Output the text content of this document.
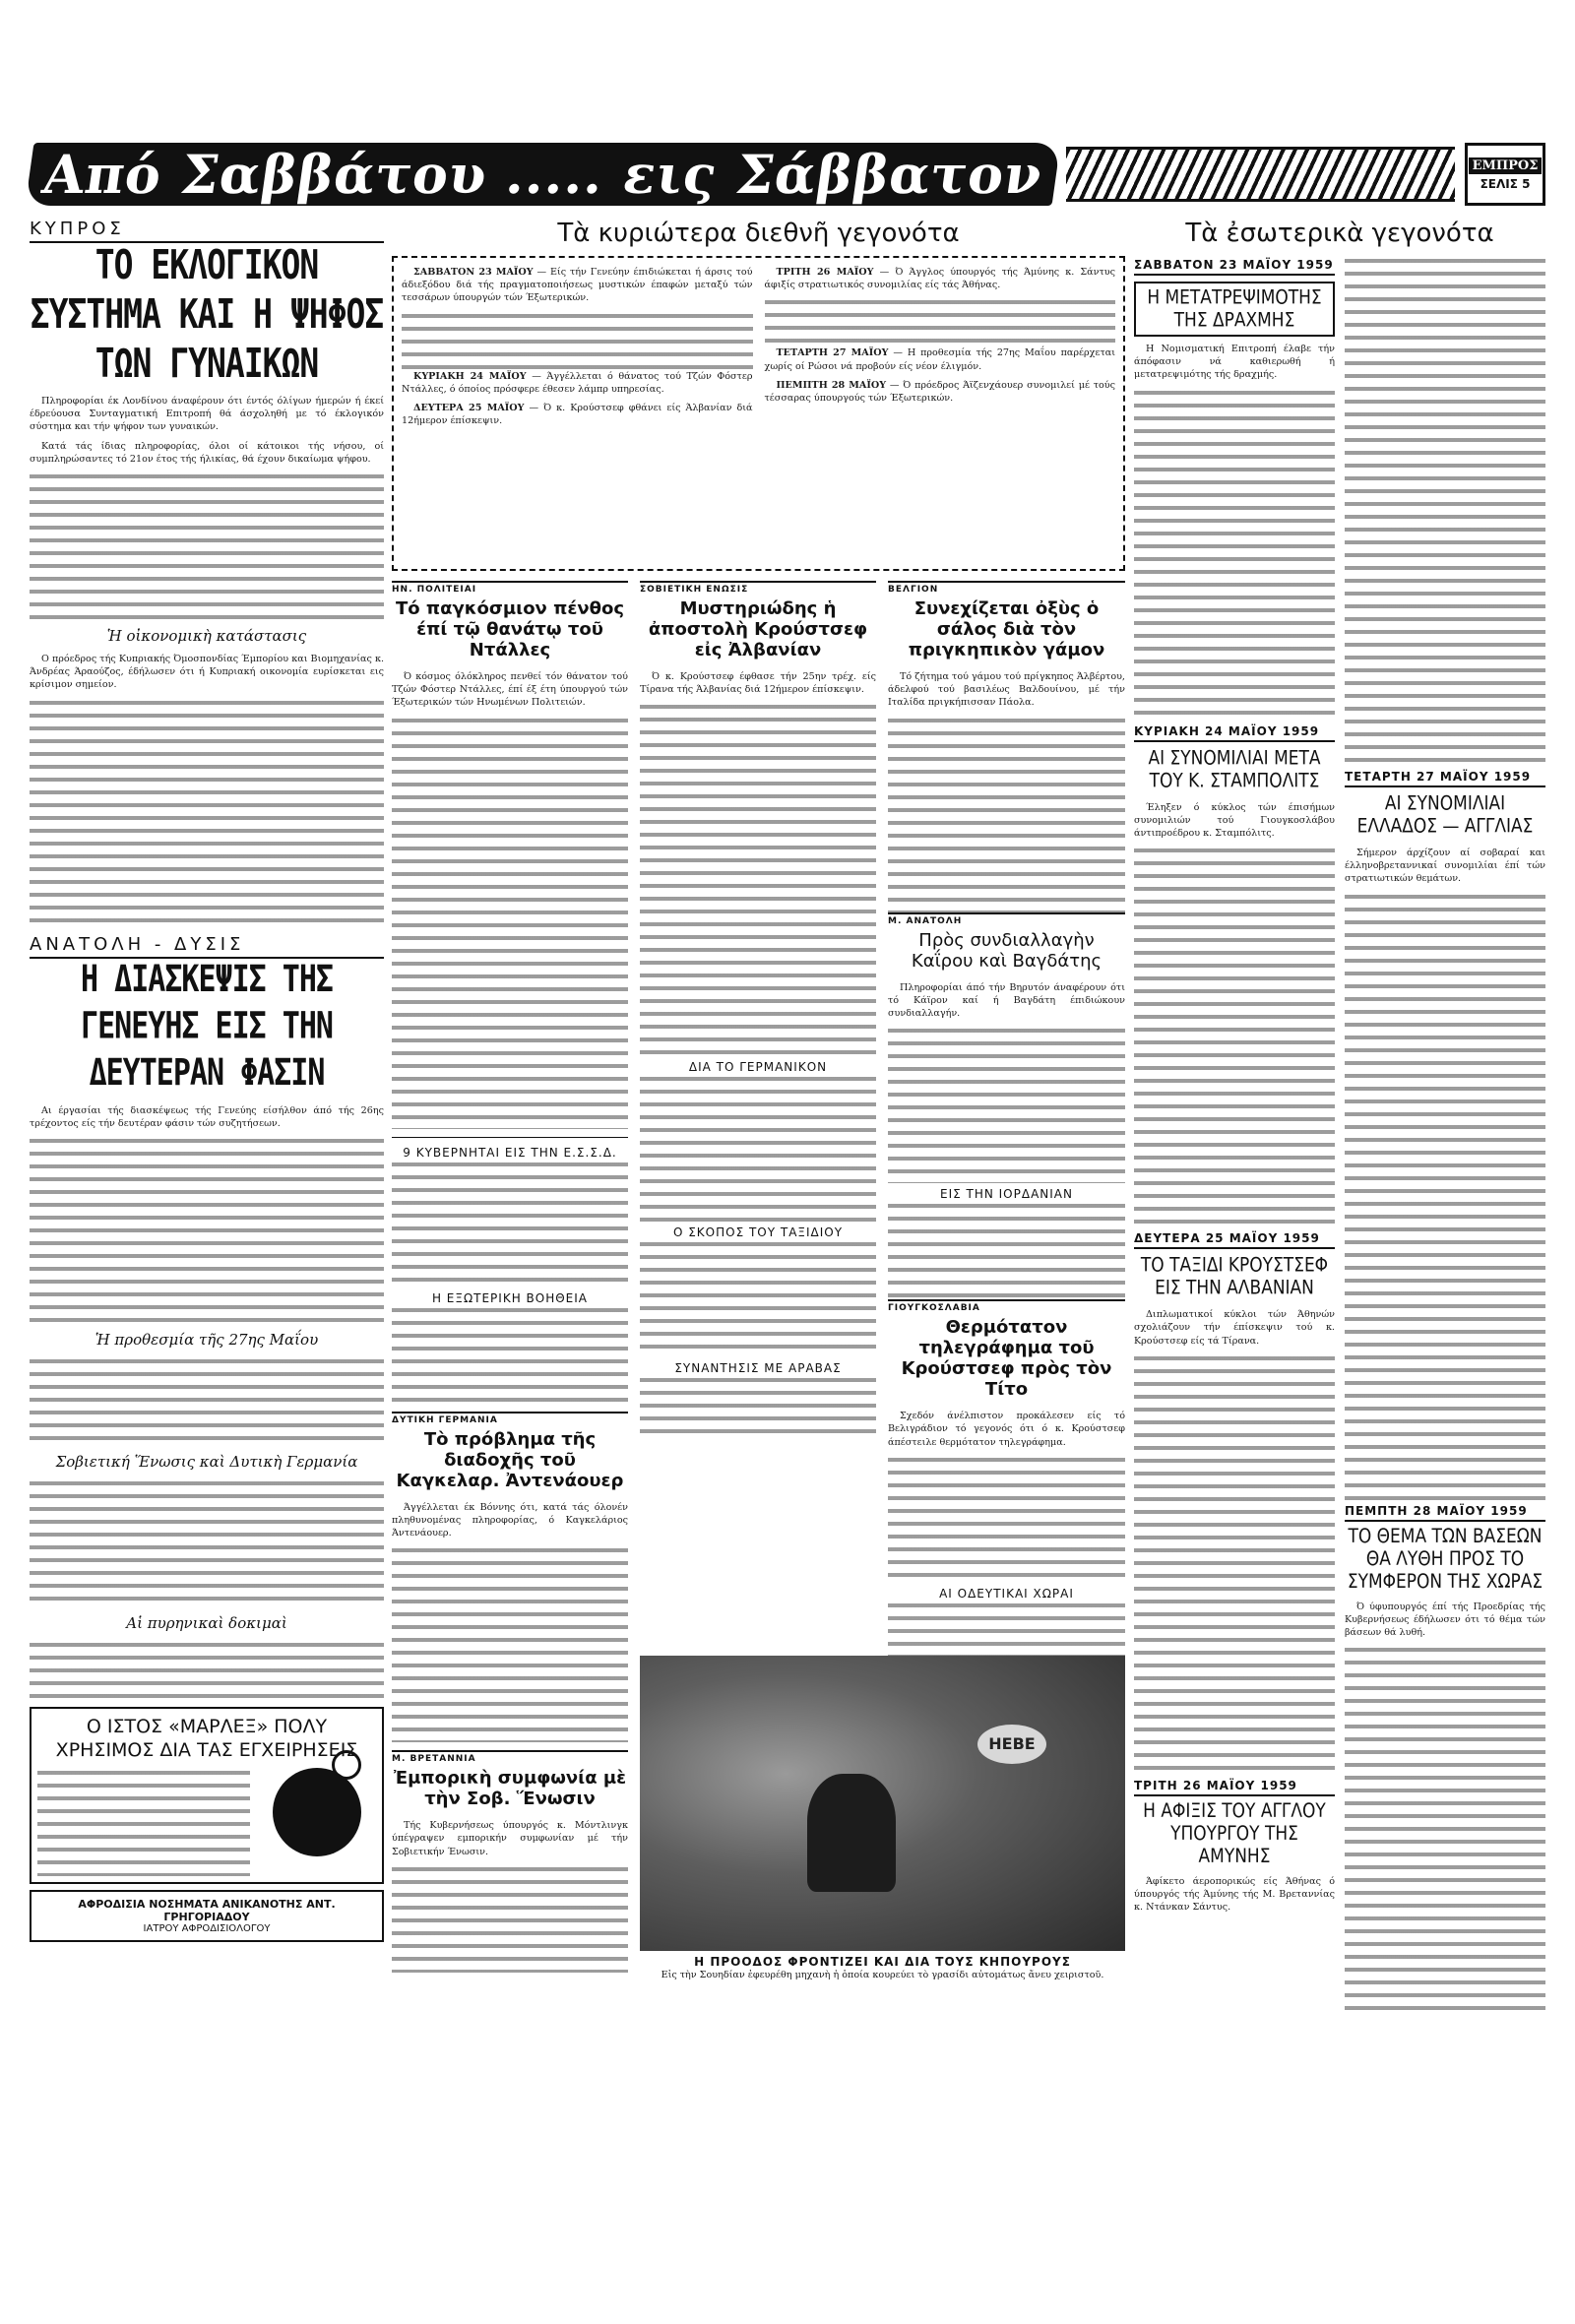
Από Σαββάτου ..... εις Σάββατον	ΕΜΠΡΟΣ
ΣΕΛΙΣ 5
ΚΥΠΡΟΣ
ΤΟ ΕΚΛΟΓΙΚΟΝ ΣΥΣΤΗΜΑ ΚΑΙ Η ΨΗΦΟΣ ΤΩΝ ΓΥΝΑΙΚΩΝ

Πληροφορίαι έκ Λονδίνου άναφέρουν ότι έντός όλίγων ήμερών ή έκεί έδρεύουσα Συνταγματική Επιτροπή θά άσχοληθή με τό έκλογικόν σύστημα και τήν ψήφον των γυναικών.

Κατά τάς ίδιας πληροφορίας, όλοι οί κάτοικοι τής νήσου, οί συμπληρώσαντες τό 21ον έτος τής ήλικίας, θά έχουν δικαίωμα ψήφου.

Ἡ οἰκονομικὴ κατάστασις

Ο πρόεδρος τής Κυπριακής Όμοσπονδίας Έμπορίου και Βιομηχανίας κ. Άνδρέας Άραούζος, έδήλωσεν ότι ή Κυπριακή οικονομία ευρίσκεται εις κρίσιμον σημείον.

ΑΝΑΤΟΛΗ - ΔΥΣΙΣ
Η ΔΙΑΣΚΕΨΙΣ ΤΗΣ ΓΕΝΕΥΗΣ ΕΙΣ ΤΗΝ ΔΕΥΤΕΡΑΝ ΦΑΣΙΝ

Αι έργασίαι τής διασκέψεως τής Γενεύης είσήλθον άπό τής 26ης τρέχοντος είς τήν δευτέραν φάσιν τών συζητήσεων.

Ἡ προθεσμία τῆς 27ης Μαΐου
Σοβιετική Ἕνωσις καὶ Δυτικὴ Γερμανία
Αἱ πυρηνικαὶ δοκιμαὶ
Ο ΙΣΤΟΣ «ΜΑΡΛΕΞ» ΠΟΛΥ ΧΡΗΣΙΜΟΣ ΔΙΑ ΤΑΣ ΕΓΧΕΙΡΗΣΕΙΣ
ΑΦΡΟΔΙΣΙΑ ΝΟΣΗΜΑΤΑ ΑΝΙΚΑΝΟΤΗΣ ΑΝΤ. ΓΡΗΓΟΡΙΑΔΟΥ
ΙΑΤΡΟΥ ΑΦΡΟΔΙΣΙΟΛΟΓΟΥ
Τὰ κυριώτερα διεθνῆ γεγονότα

ΣΑΒΒΑΤΟΝ 23 ΜΑΪΟΥ — Είς τήν Γενεύην έπιδιώκεται ή άρσις τού άδιεξόδου διά τής πραγματοποιήσεως μυστικών έπαφών μεταξύ τών τεσσάρων ύπουργών τών Έξωτερικών.

ΚΥΡΙΑΚΗ 24 ΜΑΪΟΥ — Άγγέλλεται ό θάνατος τού Τζών Φόστερ Ντάλλες, ό όποίος πρόσφερε έθεσεν λάμπρ υπηρεσίας.

ΔΕΥΤΕΡΑ 25 ΜΑΪΟΥ — Ό κ. Κρούστσεφ φθάνει είς Άλβανίαν διά 12ήμερον έπίσκεψιν.

ΤΡΙΤΗ 26 ΜΑΪΟΥ — Ό Άγγλος ύπουργός τής Άμύνης κ. Σάντυς άφιξίς στρατιωτικός συνομιλίας είς τάς Άθήνας.

ΤΕΤΑΡΤΗ 27 ΜΑΪΟΥ — Η προθεσμία τής 27ης Μαΐου παρέρχεται χωρίς οί Ρώσοι νά προβούν είς νέον έλιγμόν.

ΠΕΜΠΤΗ 28 ΜΑΪΟΥ — Ό πρόεδρος Άϊζενχάουερ συνομιλεί μέ τούς τέσσαρας ύπουργούς τών Έξωτερικών.

ΗΝ. ΠΟΛΙΤΕΙΑΙ
Τό παγκόσμιον πένθος έπί τῷ θανάτῳ τοῦ Ντάλλες

Ό κόσμος όλόκληρος πενθεί τόν θάνατον τού Τζών Φόστερ Ντάλλες, έπί έξ έτη ύπουργού τών Έξωτερικών τών Ηνωμένων Πολιτειών.

9 ΚΥΒΕΡΝΗΤΑΙ ΕΙΣ ΤΗΝ Ε.Σ.Σ.Δ.
Η ΕΞΩΤΕΡΙΚΗ ΒΟΗΘΕΙΑ
ΔΥΤΙΚΗ ΓΕΡΜΑΝΙΑ
Τὸ πρόβλημα τῆς διαδοχῆς τοῦ Καγκελαρ. Ἀντενάουερ

Άγγέλλεται έκ Βόννης ότι, κατά τάς όλονέν πληθυνομένας πληροφορίας, ό Καγκελάριος Άντενάουερ.

Μ. ΒΡΕΤΑΝΝΙΑ
Ἐμπορικὴ συμφωνία μὲ τὴν Σοβ. Ἕνωσιν

Τής Κυβερνήσεως ύπουργός κ. Μόντλινγκ ύπέγραψεν εμπορικήν συμφωνίαν μέ τήν Σοβιετικήν Ένωσιν.

ΣΟΒΙΕΤΙΚΗ ΕΝΩΣΙΣ
Μυστηριώδης ἡ ἀποστολὴ Κρούστσεφ εἰς Ἀλβανίαν

Ό κ. Κρούστσεφ έφθασε τήν 25ην τρέχ. είς Τίρανα τής Άλβανίας διά 12ήμερον έπίσκεψιν.

ΔΙΑ ΤΟ ΓΕΡΜΑΝΙΚΟΝ
Ο ΣΚΟΠΟΣ ΤΟΥ ΤΑΞΙΔΙΟΥ
ΣΥΝΑΝΤΗΣΙΣ ΜΕ ΑΡΑΒΑΣ
ΒΕΛΓΙΟΝ
Συνεχίζεται ὀξὺς ὁ σάλος διὰ τὸν πριγκηπικὸν γάμον

Τό ζήτημα τού γάμου τού πρίγκηπος Άλβέρτου, άδελφού τού βασιλέως Βαλδουίνου, μέ τήν Ιταλίδα πριγκήπισσαν Πάολα.

Μ. ΑΝΑΤΟΛΗ
Πρὸς συνδιαλλαγὴν Καΐρου καὶ Βαγδάτης

Πληροφορίαι άπό τήν Βηρυτόν άναφέρουν ότι τό Κάϊρον καί ή Βαγδάτη έπιδιώκουν συνδιαλλαγήν.

ΕΙΣ ΤΗΝ ΙΟΡΔΑΝΙΑΝ
ΓΙΟΥΓΚΟΣΛΑΒΙΑ
Θερμότατον τηλεγράφημα τοῦ Κρούστσεφ πρὸς τὸν Τίτο

Σχεδόν άνέλπιστον προκάλεσεν είς τό Βελιγράδιον τό γεγονός ότι ό κ. Κρούστσεφ άπέστειλε θερμότατον τηλεγράφημα.

ΑΙ ΟΔΕΥΤΙΚΑΙ ΧΩΡΑΙ
HEBE
Η ΠΡΟΟΔΟΣ ΦΡΟΝΤΙΖΕΙ ΚΑΙ ΔΙΑ ΤΟΥΣ ΚΗΠΟΥΡΟΥΣ

Εἰς τὴν Σουηδίαν ἐφευρέθη μηχανὴ ἡ ὁποία κουρεύει τὸ γρασίδι αὐτομάτως ἄνευ χειριστοῦ.

Τὰ ἐσωτερικὰ γεγονότα
ΣΑΒΒΑΤΟΝ 23 ΜΑΪΟΥ 1959
Η ΜΕΤΑΤΡΕΨΙΜΟΤΗΣ ΤΗΣ ΔΡΑΧΜΗΣ

Η Νομισματική Επιτροπή έλαβε τήν άπόφασιν νά καθιερωθή ή μετατρεψιμότης τής δραχμής.

ΚΥΡΙΑΚΗ 24 ΜΑΪΟΥ 1959
ΑΙ ΣΥΝΟΜΙΛΙΑΙ ΜΕΤΑ ΤΟΥ Κ. ΣΤΑΜΠΟΛΙΤΣ

Έληξεν ό κύκλος τών έπισήμων συνομιλιών τού Γιουγκοσλάβου άντιπροέδρου κ. Σταμπόλιτς.

ΔΕΥΤΕΡΑ 25 ΜΑΪΟΥ 1959
ΤΟ ΤΑΞΙΔΙ ΚΡΟΥΣΤΣΕΦ ΕΙΣ ΤΗΝ ΑΛΒΑΝΙΑΝ

Διπλωματικοί κύκλοι τών Άθηνών σχολιάζουν τήν έπίσκεψιν τού κ. Κρούστσεφ είς τά Τίρανα.

ΤΡΙΤΗ 26 ΜΑΪΟΥ 1959
Η ΑΦΙΞΙΣ ΤΟΥ ΑΓΓΛΟΥ ΥΠΟΥΡΓΟΥ ΤΗΣ ΑΜΥΝΗΣ

Άφίκετο άεροπορικώς είς Άθήνας ό ύπουργός τής Άμύνης τής Μ. Βρεταννίας κ. Ντάνκαν Σάντυς.

ΤΕΤΑΡΤΗ 27 ΜΑΪΟΥ 1959
ΑΙ ΣΥΝΟΜΙΛΙΑΙ ΕΛΛΑΔΟΣ — ΑΓΓΛΙΑΣ

Σήμερον άρχίζουν αί σοβαραί και έλληνοβρεταννικαί συνομιλίαι έπί τών στρατιωτικών θεμάτων.

ΠΕΜΠΤΗ 28 ΜΑΪΟΥ 1959
ΤΟ ΘΕΜΑ ΤΩΝ ΒΑΣΕΩΝ ΘΑ ΛΥΘΗ ΠΡΟΣ ΤΟ ΣΥΜΦΕΡΟΝ ΤΗΣ ΧΩΡΑΣ

Ό ύφυπουργός έπί τής Προεδρίας τής Κυβερνήσεως έδήλωσεν ότι τό θέμα τών βάσεων θά λυθή.
